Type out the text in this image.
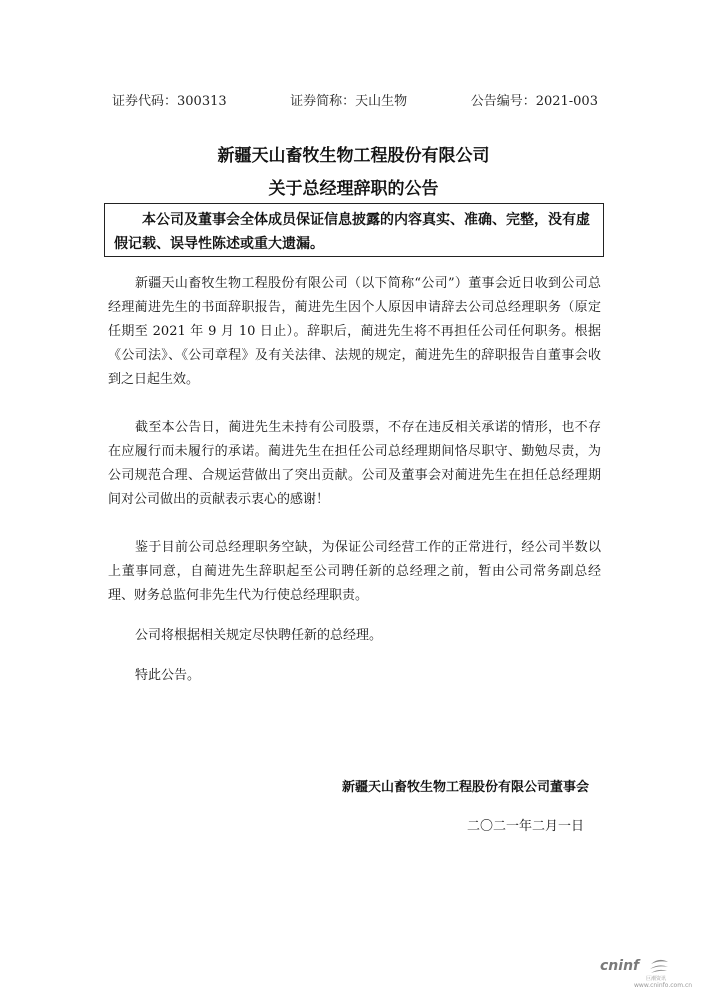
证券代码：300313	证券简称：天山生物	公告编号：2021-003
新疆天山畜牧生物工程股份有限公司
关于总经理辞职的公告
本公司及董事会全体成员保证信息披露的内容真实、准确、完整，没有虚假记载、误导性陈述或重大遗漏。

新疆天山畜牧生物工程股份有限公司（以下简称“公司”）董事会近日收到公司总经理蔺进先生的书面辞职报告，蔺进先生因个人原因申请辞去公司总经理职务（原定任期至 2021 年 9 月 10 日止）。辞职后，蔺进先生将不再担任公司任何职务。根据《公司法》、《公司章程》及有关法律、法规的规定，蔺进先生的辞职报告自董事会收到之日起生效。

截至本公告日，蔺进先生未持有公司股票，不存在违反相关承诺的情形，也不存在应履行而未履行的承诺。蔺进先生在担任公司总经理期间恪尽职守、勤勉尽责，为公司规范合理、合规运营做出了突出贡献。公司及董事会对蔺进先生在担任总经理期间对公司做出的贡献表示衷心的感谢！

鉴于目前公司总经理职务空缺，为保证公司经营工作的正常进行，经公司半数以上董事同意，自蔺进先生辞职起至公司聘任新的总经理之前，暂由公司常务副总经理、财务总监何非先生代为行使总经理职责。

公司将根据相关规定尽快聘任新的总经理。

特此公告。

新疆天山畜牧生物工程股份有限公司董事会
二〇二一年二月一日
cninf
巨潮资讯
www.cninfo.com.cn
